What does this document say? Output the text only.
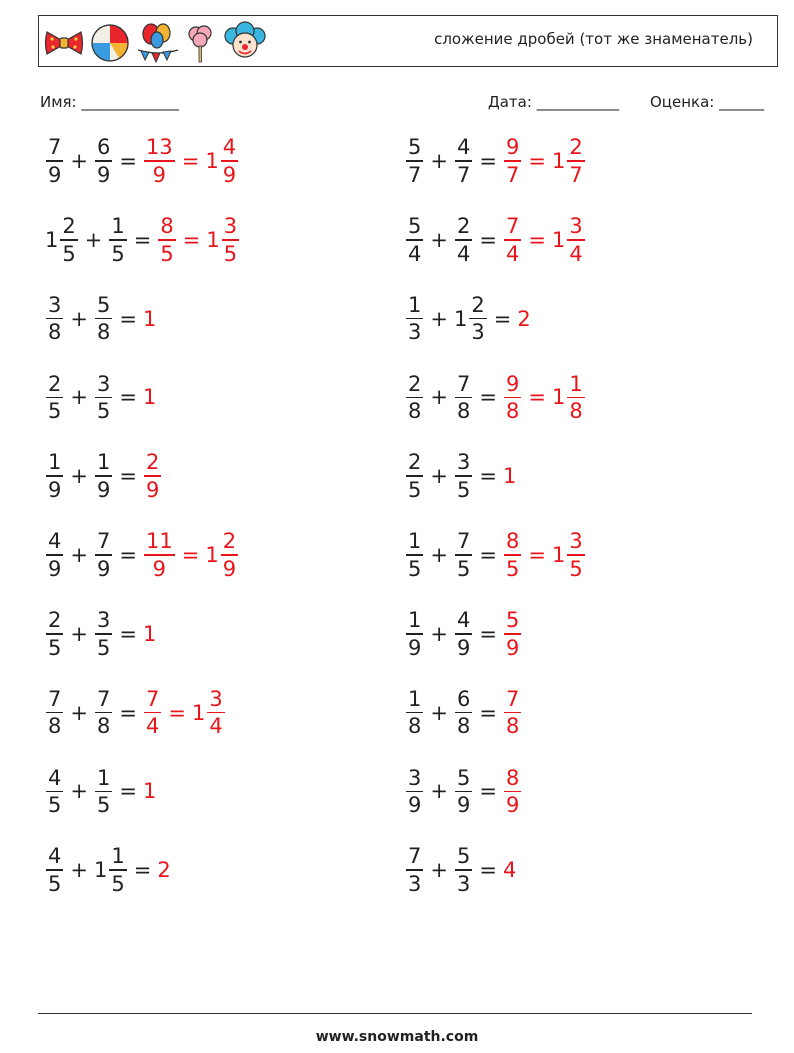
сложение дробей (тот же знаменатель)
Имя: _____________	Дата: ___________ Оценка: ______
$\frac{7}{9} + \frac{6}{9} = \frac{13}{9} = 1 \frac{4}{9}$	$\frac{5}{7} + \frac{4}{7} = \frac{9}{7} = 1 \frac{2}{7}$
$1 \frac{2}{5} + \frac{1}{5} = \frac{8}{5} = 1 \frac{3}{5}$	$\frac{5}{4} + \frac{2}{4} = \frac{7}{4} = 1 \frac{3}{4}$
$\frac{3}{8} + \frac{5}{8} = 1$	$\frac{1}{3} + 1 \frac{2}{3} = 2$
$\frac{2}{5} + \frac{3}{5} = 1$	$\frac{2}{8} + \frac{7}{8} = \frac{9}{8} = 1 \frac{1}{8}$
$\frac{1}{9} + \frac{1}{9} = \frac{2}{9}$	$\frac{2}{5} + \frac{3}{5} = 1$
$\frac{4}{9} + \frac{7}{9} = \frac{11}{9} = 1 \frac{2}{9}$	$\frac{1}{5} + \frac{7}{5} = \frac{8}{5} = 1 \frac{3}{5}$
$\frac{2}{5} + \frac{3}{5} = 1$	$\frac{1}{9} + \frac{4}{9} = \frac{5}{9}$
$\frac{7}{8} + \frac{7}{8} = \frac{7}{4} = 1 \frac{3}{4}$	$\frac{1}{8} + \frac{6}{8} = \frac{7}{8}$
$\frac{4}{5} + \frac{1}{5} = 1$	$\frac{3}{9} + \frac{5}{9} = \frac{8}{9}$
$\frac{4}{5} + 1 \frac{1}{5} = 2$	$\frac{7}{3} + \frac{5}{3} = 4$
www.snowmath.com
